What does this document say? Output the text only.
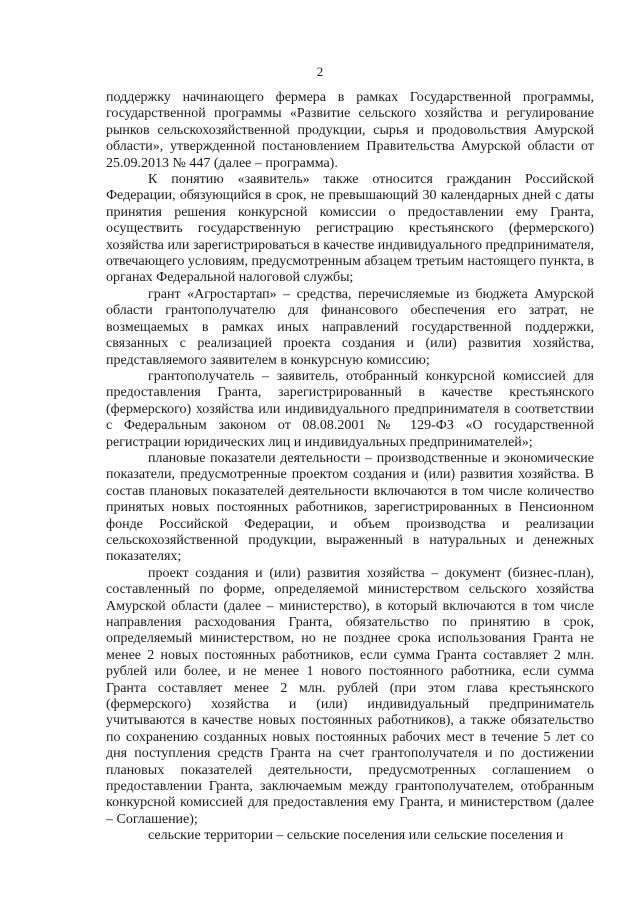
2

поддержку начинающего фермера в рамках Государственной программы, государственной программы «Развитие сельского хозяйства и регулирование рынков сельскохозяйственной продукции, сырья и продовольствия Амурской области», утвержденной постановлением Правительства Амурской области от 25.09.2013 № 447 (далее – программа).

К понятию «заявитель» также относится гражданин Российской Федерации, обязующийся в срок, не превышающий 30 календарных дней с даты принятия решения конкурсной комиссии о предоставлении ему Гранта, осуществить государственную регистрацию крестьянского (фермерского) хозяйства или зарегистрироваться в качестве индивидуального предпринимателя, отвечающего условиям, предусмотренным абзацем третьим настоящего пункта, в органах Федеральной налоговой службы;

грант «Агростартап» – средства, перечисляемые из бюджета Амурской области грантополучателю для финансового обеспечения его затрат, не возмещаемых в рамках иных направлений государственной поддержки, связанных с реализацией проекта создания и (или) развития хозяйства, представляемого заявителем в конкурсную комиссию;

грантополучатель – заявитель, отобранный конкурсной комиссией для предоставления Гранта, зарегистрированный в качестве крестьянского (фермерского) хозяйства или индивидуального предпринимателя в соответствии с Федеральным законом от 08.08.2001 № 129-ФЗ «О государственной регистрации юридических лиц и индивидуальных предпринимателей»;

плановые показатели деятельности – производственные и экономические показатели, предусмотренные проектом создания и (или) развития хозяйства. В состав плановых показателей деятельности включаются в том числе количество принятых новых постоянных работников, зарегистрированных в Пенсионном фонде Российской Федерации, и объем производства и реализации сельскохозяйственной продукции, выраженный в натуральных и денежных показателях;

проект создания и (или) развития хозяйства – документ (бизнес-план), составленный по форме, определяемой министерством сельского хозяйства Амурской области (далее – министерство), в который включаются в том числе направления расходования Гранта, обязательство по принятию в срок, определяемый министерством, но не позднее срока использования Гранта не менее 2 новых постоянных работников, если сумма Гранта составляет 2 млн. рублей или более, и не менее 1 нового постоянного работника, если сумма Гранта составляет менее 2 млн. рублей (при этом глава крестьянского (фермерского) хозяйства и (или) индивидуальный предприниматель учитываются в качестве новых постоянных работников), а также обязательство по сохранению созданных новых постоянных рабочих мест в течение 5 лет со дня поступления средств Гранта на счет грантополучателя и по достижении плановых показателей деятельности, предусмотренных соглашением о предоставлении Гранта, заключаемым между грантополучателем, отобранным конкурсной комиссией для предоставления ему Гранта, и министерством (далее – Соглашение);

сельские территории – сельские поселения или сельские поселения и
